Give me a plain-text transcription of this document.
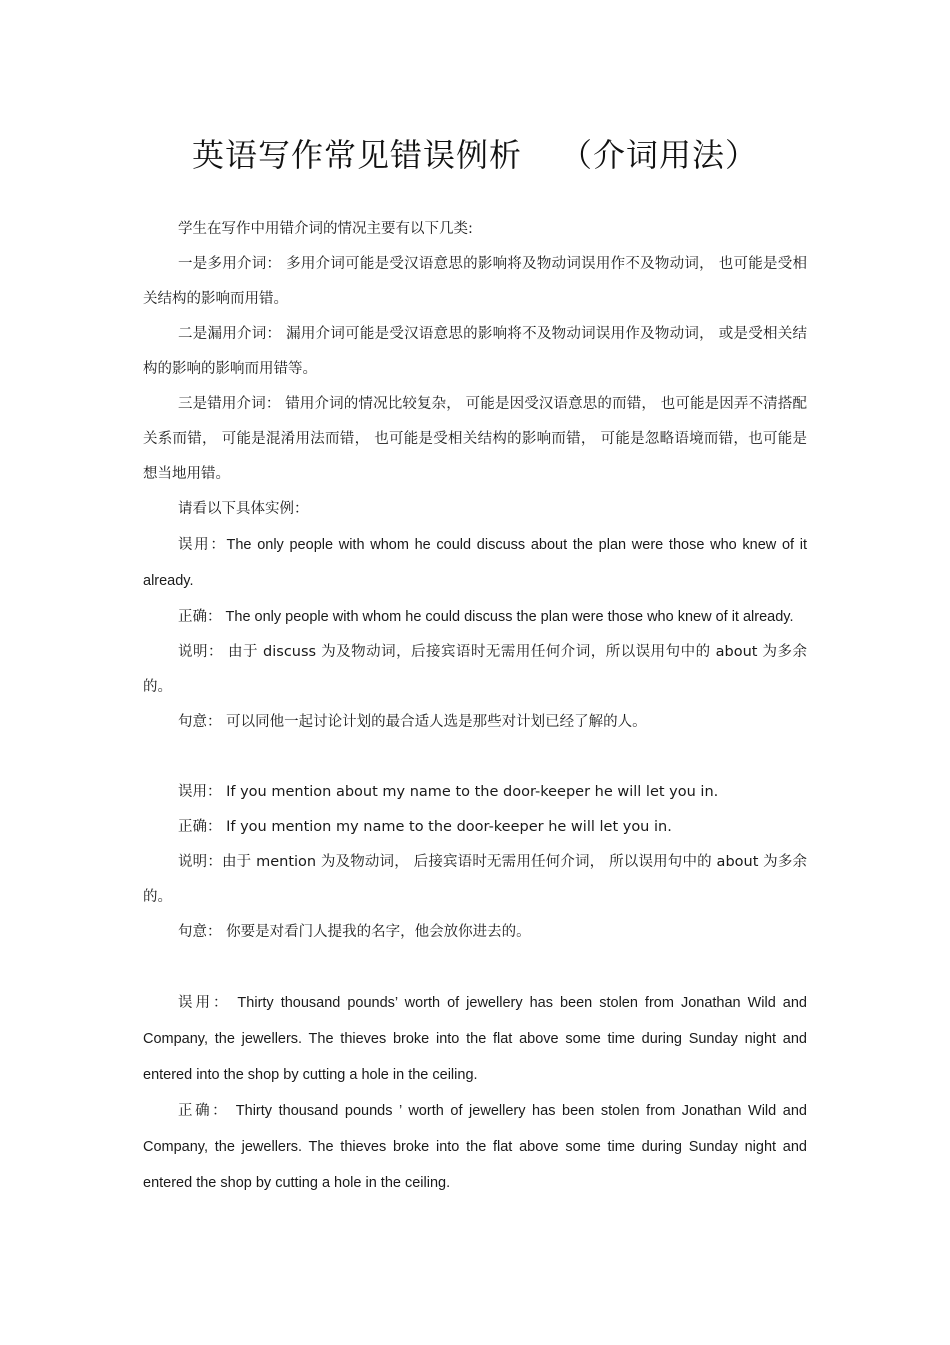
英语写作常见错误例析 （介词用法）

学生在写作中用错介词的情况主要有以下几类:

一是多用介词： 多用介词可能是受汉语意思的影响将及物动词误用作不及物动词， 也可能是受相关结构的影响而用错。

二是漏用介词： 漏用介词可能是受汉语意思的影响将不及物动词误用作及物动词， 或是受相关结构的影响的影响而用错等。

三是错用介词： 错用介词的情况比较复杂， 可能是因受汉语意思的而错， 也可能是因弄不清搭配关系而错， 可能是混淆用法而错， 也可能是受相关结构的影响而错， 可能是忽略语境而错，也可能是想当地用错。

请看以下具体实例：

误用：The only people with whom he could discuss about the plan were those who knew of it already.

正确： The only people with whom he could discuss the plan were those who knew of it already.

说明： 由于 discuss 为及物动词，后接宾语时无需用任何介词，所以误用句中的 about 为多余的。

句意： 可以同他一起讨论计划的最合适人选是那些对计划已经了解的人。

误用： If you mention about my name to the door-keeper he will let you in.

正确： If you mention my name to the door-keeper he will let you in.

说明：由于 mention 为及物动词， 后接宾语时无需用任何介词， 所以误用句中的 about 为多余的。

句意： 你要是对看门人提我的名字，他会放你进去的。

误用： Thirty thousand pounds’ worth of jewellery has been stolen from Jonathan Wild and Company, the jewellers. The thieves broke into the flat above some time during Sunday night and entered into the shop by cutting a hole in the ceiling.

正确： Thirty thousand pounds ’ worth of jewellery has been stolen from Jonathan Wild and Company, the jewellers. The thieves broke into the flat above some time during Sunday night and entered the shop by cutting a hole in the ceiling.
